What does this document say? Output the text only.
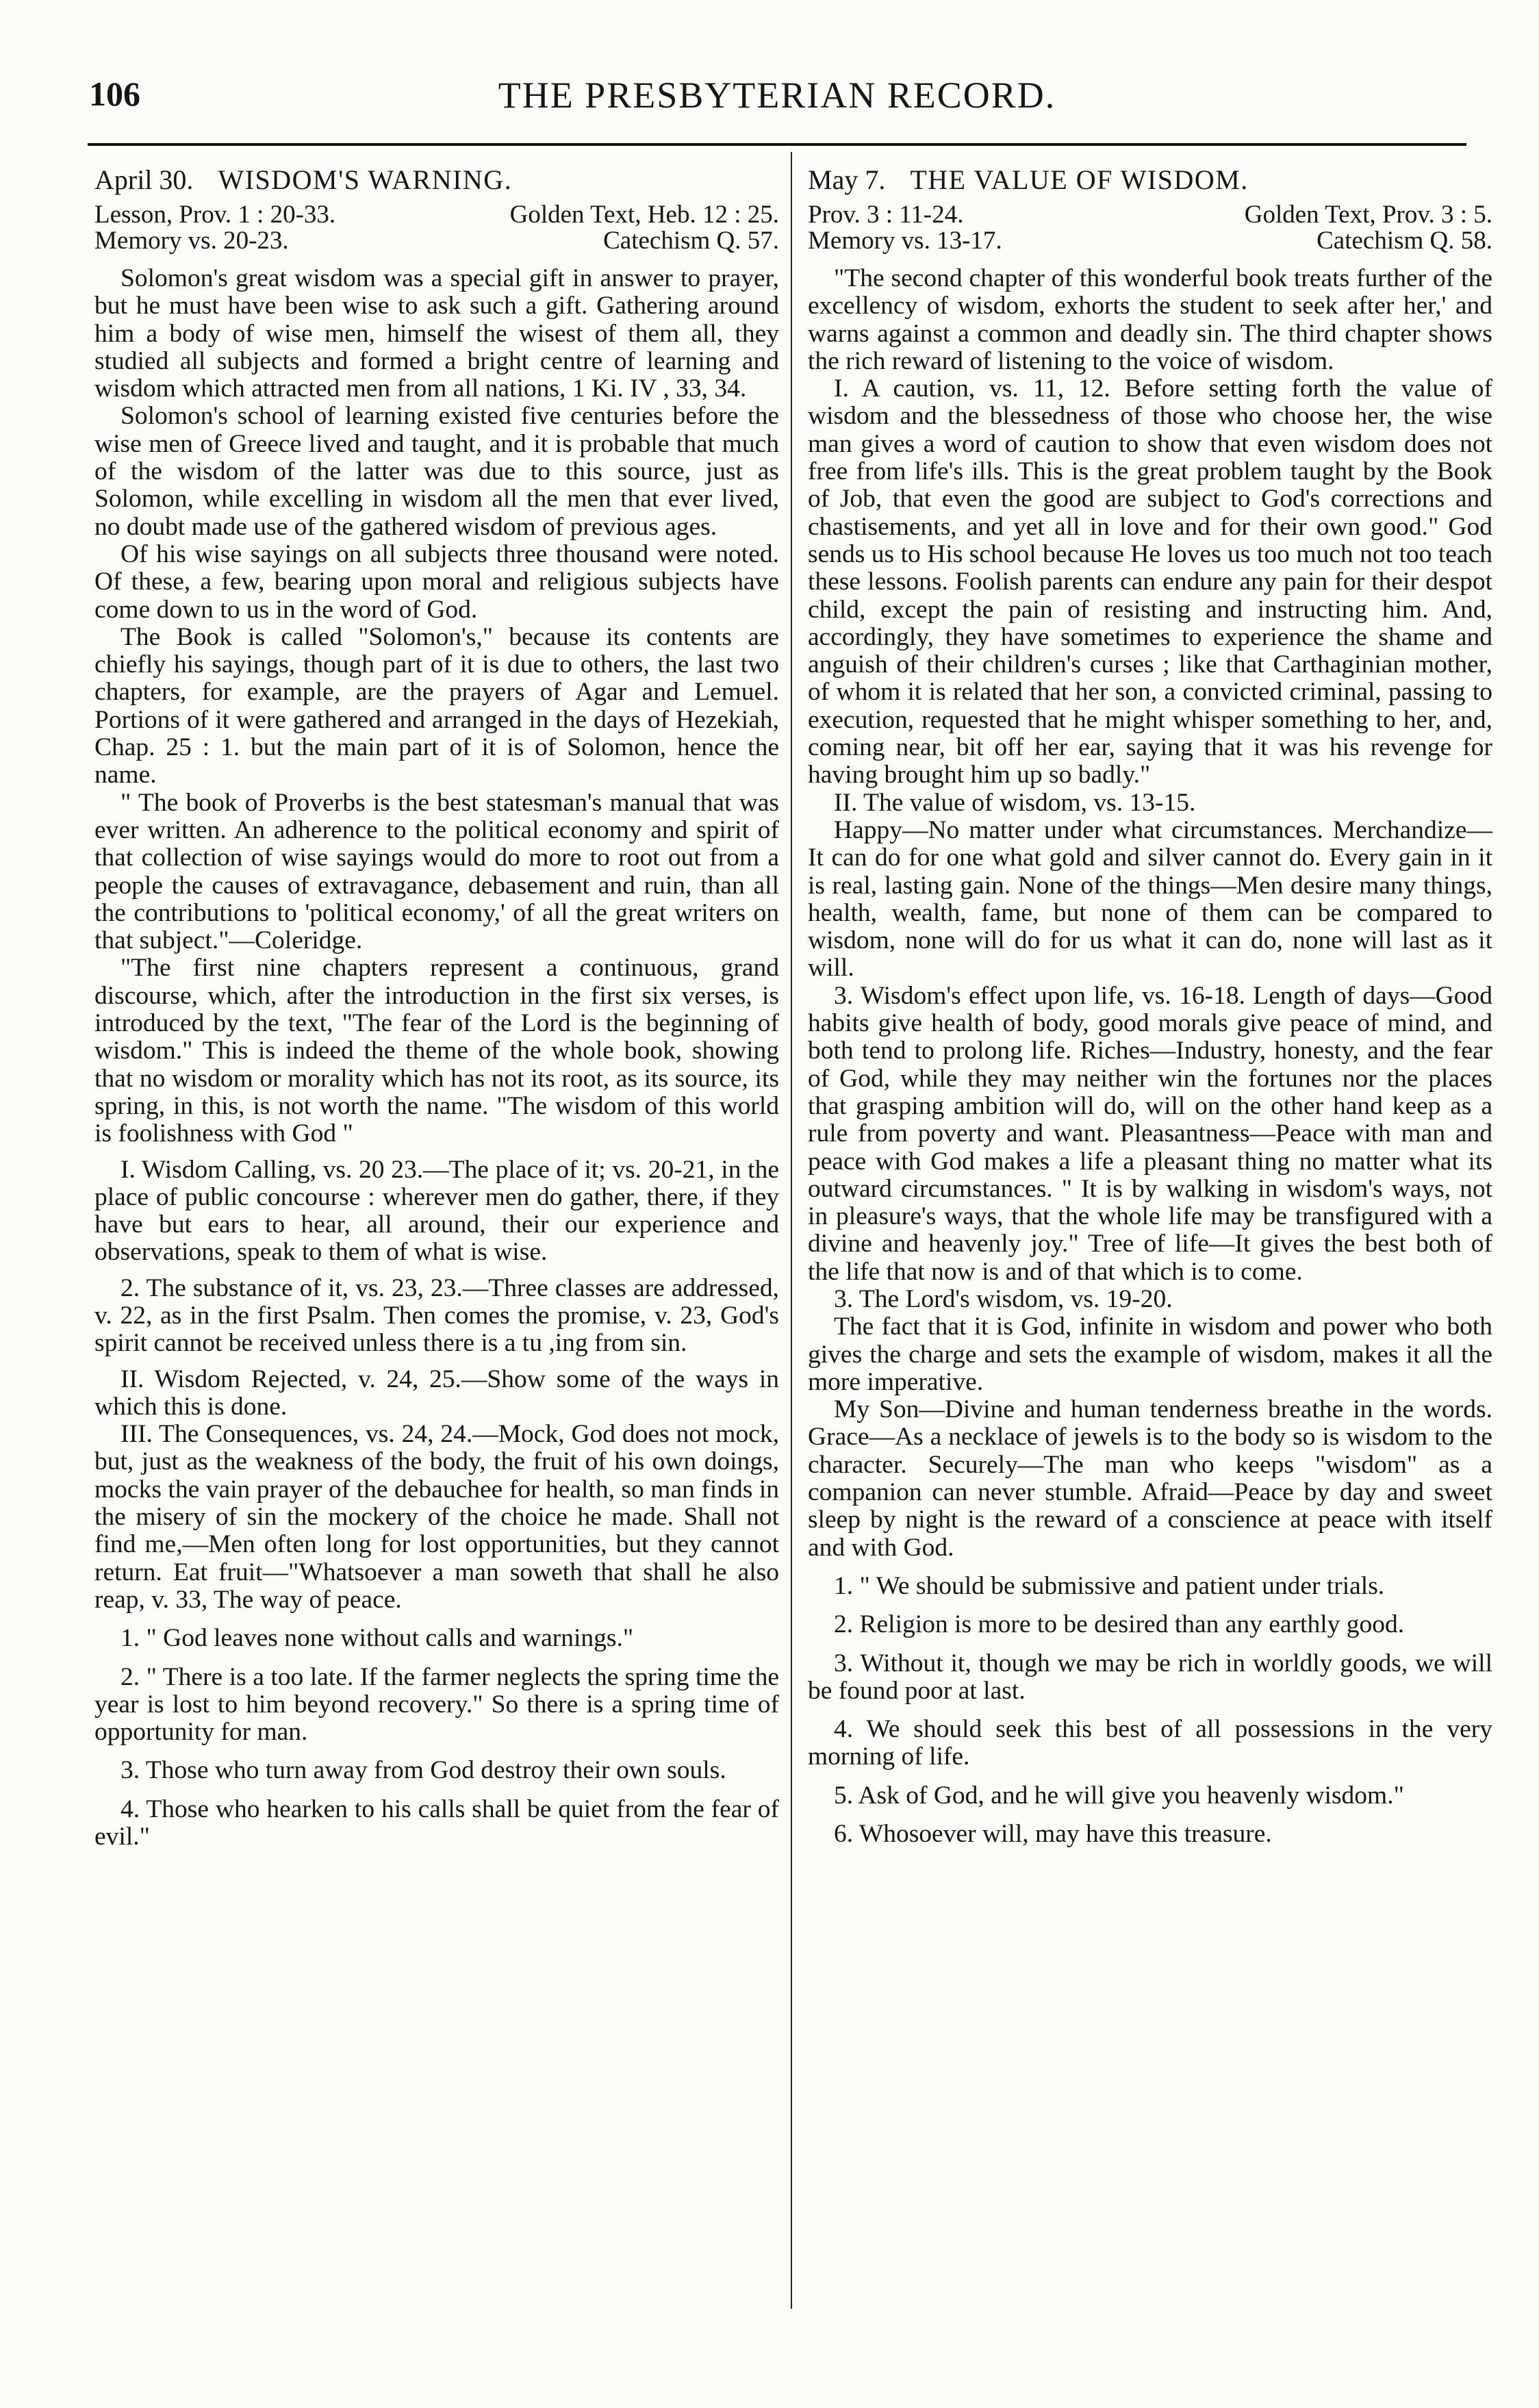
106	THE PRESBYTERIAN RECORD.
April 30. WISDOM'S WARNING.
Lesson, Prov. 1 : 20-33.	Golden Text, Heb. 12 : 25.
Memory vs. 20-23.	Catechism Q. 57.

Solomon's great wisdom was a special gift in answer to prayer, but he must have been wise to ask such a gift. Gathering around him a body of wise men, himself the wisest of them all, they studied all subjects and formed a bright centre of learning and wisdom which attracted men from all nations, 1 Ki. IV , 33, 34.

Solomon's school of learning existed five centuries before the wise men of Greece lived and taught, and it is probable that much of the wisdom of the latter was due to this source, just as Solomon, while excelling in wisdom all the men that ever lived, no doubt made use of the gathered wisdom of previous ages.

Of his wise sayings on all subjects three thousand were noted. Of these, a few, bearing upon moral and religious subjects have come down to us in the word of God.

The Book is called "Solomon's," because its contents are chiefly his sayings, though part of it is due to others, the last two chapters, for example, are the prayers of Agar and Lemuel. Portions of it were gathered and arranged in the days of Hezekiah, Chap. 25 : 1. but the main part of it is of Solomon, hence the name.

" The book of Proverbs is the best statesman's manual that was ever written. An adherence to the political economy and spirit of that collection of wise sayings would do more to root out from a people the causes of extravagance, debasement and ruin, than all the contributions to 'political economy,' of all the great writers on that subject."—Coleridge.

"The first nine chapters represent a continuous, grand discourse, which, after the introduction in the first six verses, is introduced by the text, "The fear of the Lord is the beginning of wisdom." This is indeed the theme of the whole book, showing that no wisdom or morality which has not its root, as its source, its spring, in this, is not worth the name. "The wisdom of this world is foolishness with God "

I. Wisdom Calling, vs. 20 23.—The place of it; vs. 20-21, in the place of public concourse : wherever men do gather, there, if they have but ears to hear, all around, their our experience and observations, speak to them of what is wise.

2. The substance of it, vs. 23, 23.—Three classes are addressed, v. 22, as in the first Psalm. Then comes the promise, v. 23, God's spirit cannot be received unless there is a tu ,ing from sin.

II. Wisdom Rejected, v. 24, 25.—Show some of the ways in which this is done.

III. The Consequences, vs. 24, 24.—Mock, God does not mock, but, just as the weakness of the body, the fruit of his own doings, mocks the vain prayer of the debauchee for health, so man finds in the misery of sin the mockery of the choice he made. Shall not find me,—Men often long for lost opportunities, but they cannot return. Eat fruit—"Whatsoever a man soweth that shall he also reap, v. 33, The way of peace.

1. " God leaves none without calls and warnings."

2. " There is a too late. If the farmer neglects the spring time the year is lost to him beyond recovery." So there is a spring time of opportunity for man.

3. Those who turn away from God destroy their own souls.

4. Those who hearken to his calls shall be quiet from the fear of evil."

May 7. THE VALUE OF WISDOM.
Prov. 3 : 11-24.	Golden Text, Prov. 3 : 5.
Memory vs. 13-17.	Catechism Q. 58.

"The second chapter of this wonderful book treats further of the excellency of wisdom, exhorts the student to seek after her,' and warns against a common and deadly sin. The third chapter shows the rich reward of listening to the voice of wisdom.

I. A caution, vs. 11, 12. Before setting forth the value of wisdom and the blessedness of those who choose her, the wise man gives a word of caution to show that even wisdom does not free from life's ills. This is the great problem taught by the Book of Job, that even the good are subject to God's corrections and chastisements, and yet all in love and for their own good." God sends us to His school because He loves us too much not too teach these lessons. Foolish parents can endure any pain for their despot child, except the pain of resisting and instructing him. And, accordingly, they have sometimes to experience the shame and anguish of their children's curses ; like that Carthaginian mother, of whom it is related that her son, a convicted criminal, passing to execution, requested that he might whisper something to her, and, coming near, bit off her ear, saying that it was his revenge for having brought him up so badly."

II. The value of wisdom, vs. 13-15.

Happy—No matter under what circumstances. Merchandize—It can do for one what gold and silver cannot do. Every gain in it is real, lasting gain. None of the things—Men desire many things, health, wealth, fame, but none of them can be compared to wisdom, none will do for us what it can do, none will last as it will.

3. Wisdom's effect upon life, vs. 16-18. Length of days—Good habits give health of body, good morals give peace of mind, and both tend to prolong life. Riches—Industry, honesty, and the fear of God, while they may neither win the fortunes nor the places that grasping ambition will do, will on the other hand keep as a rule from poverty and want. Pleasantness—Peace with man and peace with God makes a life a pleasant thing no matter what its outward circumstances. " It is by walking in wisdom's ways, not in pleasure's ways, that the whole life may be transfigured with a divine and heavenly joy." Tree of life—It gives the best both of the life that now is and of that which is to come.

3. The Lord's wisdom, vs. 19-20.

The fact that it is God, infinite in wisdom and power who both gives the charge and sets the example of wisdom, makes it all the more imperative.

My Son—Divine and human tenderness breathe in the words. Grace—As a necklace of jewels is to the body so is wisdom to the character. Securely—The man who keeps "wisdom" as a companion can never stumble. Afraid—Peace by day and sweet sleep by night is the reward of a conscience at peace with itself and with God.

1. " We should be submissive and patient under trials.

2. Religion is more to be desired than any earthly good.

3. Without it, though we may be rich in worldly goods, we will be found poor at last.

4. We should seek this best of all possessions in the very morning of life.

5. Ask of God, and he will give you heavenly wisdom."

6. Whosoever will, may have this treasure.
